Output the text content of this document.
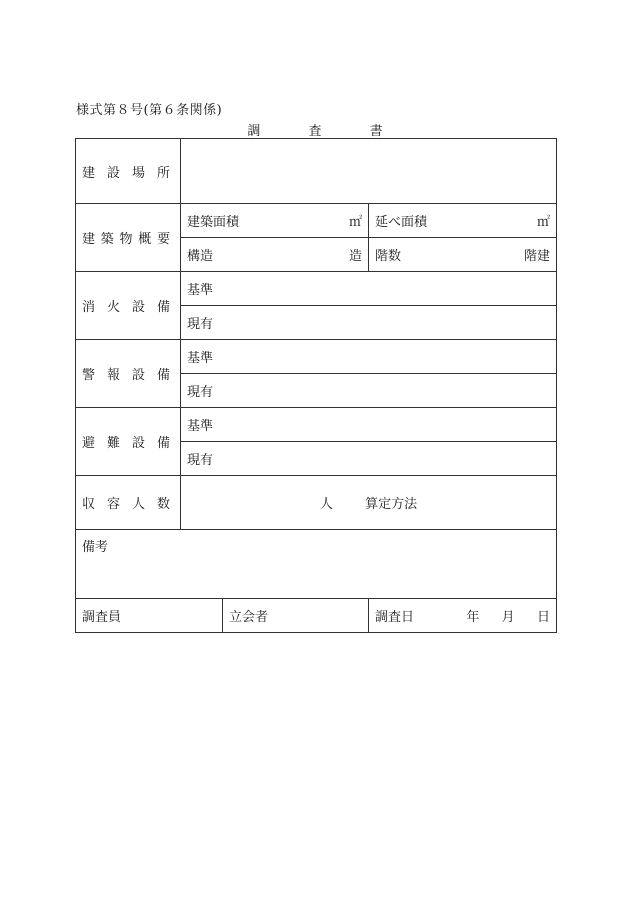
様式第８号(第６条関係)
調	査	書
建 設 場 所			

建 築 物 概 要	建築面積 ㎡		延べ面積 ㎡

	構造 造		階数 階建

消 火 設 備	基準		
	現有		

警 報 設 備	基準		
	現有		

避 難 設 備	基準		
	現有		

収 容 人 数	人 算定方法		
備考			
調査員		立会者	調査日 年 月 日
